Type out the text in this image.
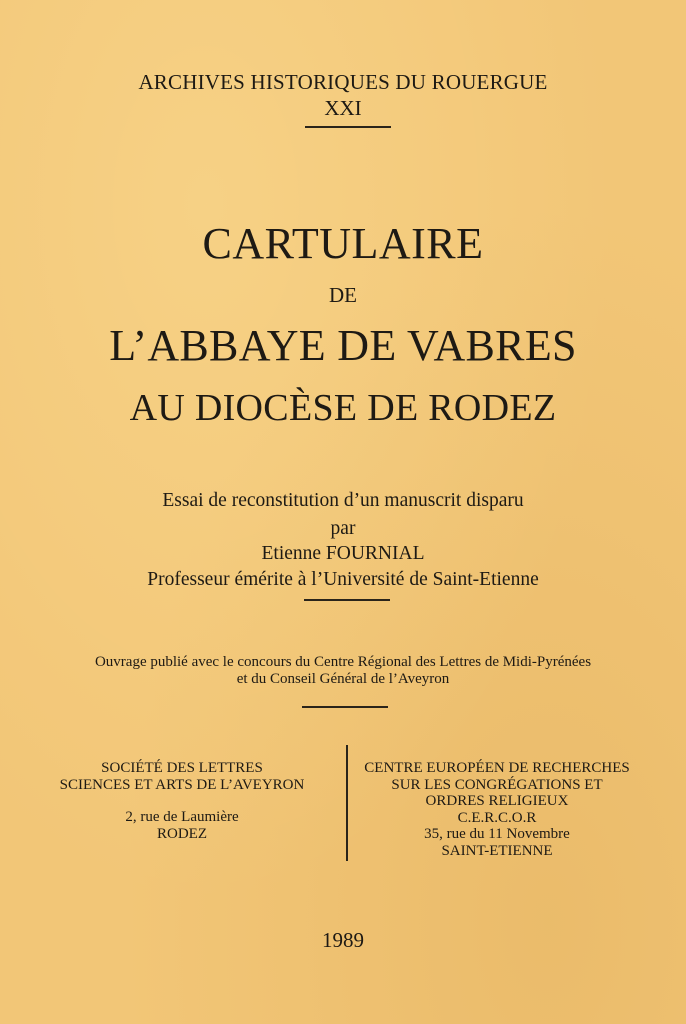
ARCHIVES HISTORIQUES DU ROUERGUE
XXI
CARTULAIRE
DE
L’ABBAYE DE VABRES
AU DIOCÈSE DE RODEZ
Essai de reconstitution d’un manuscrit disparu
par
Etienne FOURNIAL
Professeur émérite à l’Université de Saint-Etienne
Ouvrage publié avec le concours du Centre Régional des Lettres de Midi-Pyrénées
et du Conseil Général de l’Aveyron
SOCIÉTÉ DES LETTRES
SCIENCES ET ARTS DE L’AVEYRON
2, rue de Laumière
RODEZ
CENTRE EUROPÉEN DE RECHERCHES
SUR LES CONGRÉGATIONS ET
ORDRES RELIGIEUX
C.E.R.C.O.R
35, rue du 11 Novembre
SAINT-ETIENNE
1989
